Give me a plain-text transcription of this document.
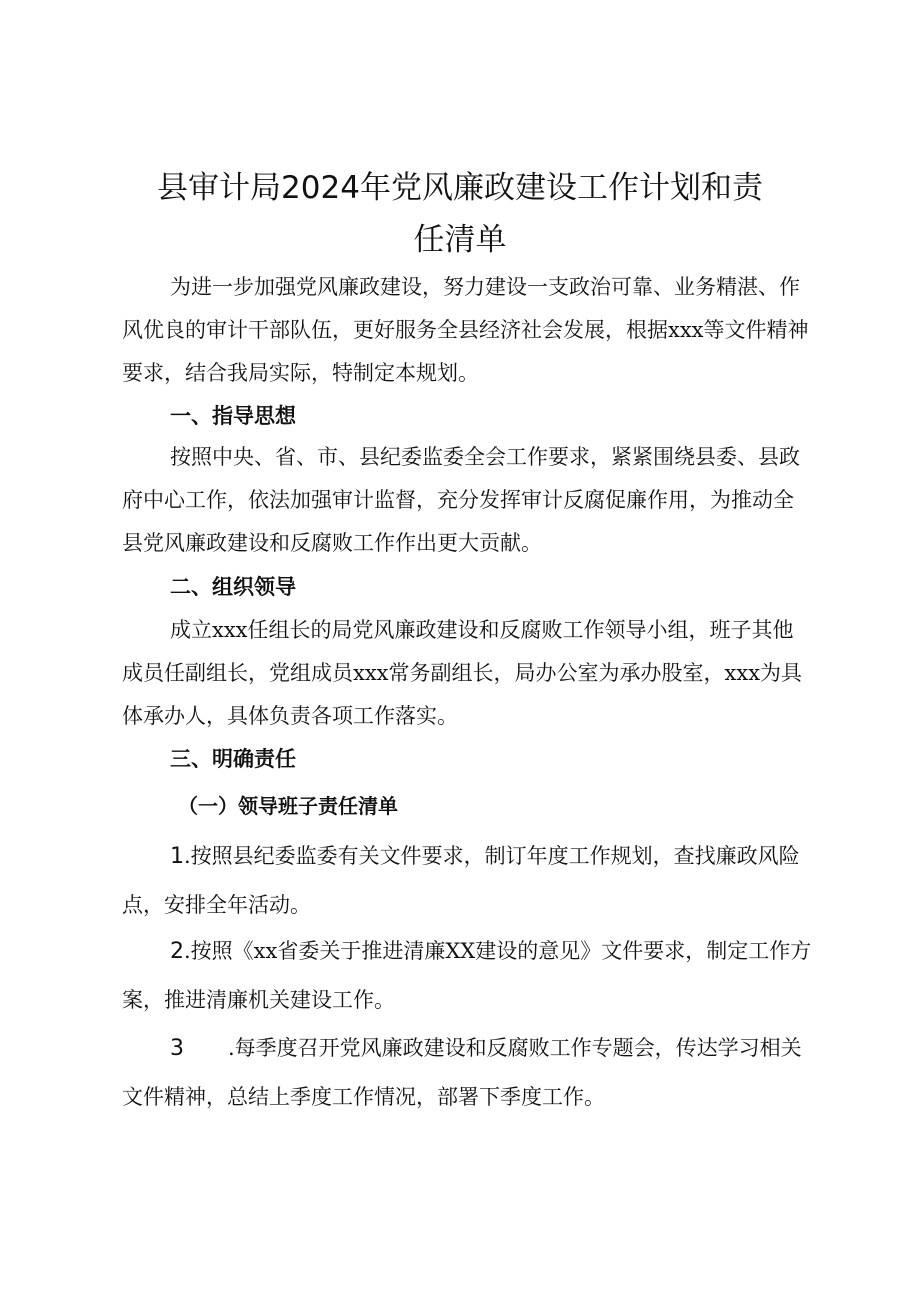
县审计局2024年党风廉政建设工作计划和责
任清单

为进一步加强党风廉政建设，努力建设一支政治可靠、业务精湛、作风优良的审计干部队伍，更好服务全县经济社会发展，根据xxx等文件精神要求，结合我局实际，特制定本规划。

一、指导思想

按照中央、省、市、县纪委监委全会工作要求，紧紧围绕县委、县政府中心工作，依法加强审计监督，充分发挥审计反腐促廉作用，为推动全县党风廉政建设和反腐败工作作出更大贡献。

二、组织领导

成立xxx任组长的局党风廉政建设和反腐败工作领导小组，班子其他成员任副组长，党组成员xxx常务副组长，局办公室为承办股室，xxx为具体承办人，具体负责各项工作落实。

三、明确责任
（一）领导班子责任清单

1.按照县纪委监委有关文件要求，制订年度工作规划，查找廉政风险点，安排全年活动。

2.按照《xx省委关于推进清廉XX建设的意见》文件要求，制定工作方案，推进清廉机关建设工作。

3 .每季度召开党风廉政建设和反腐败工作专题会，传达学习相关文件精神，总结上季度工作情况，部署下季度工作。
